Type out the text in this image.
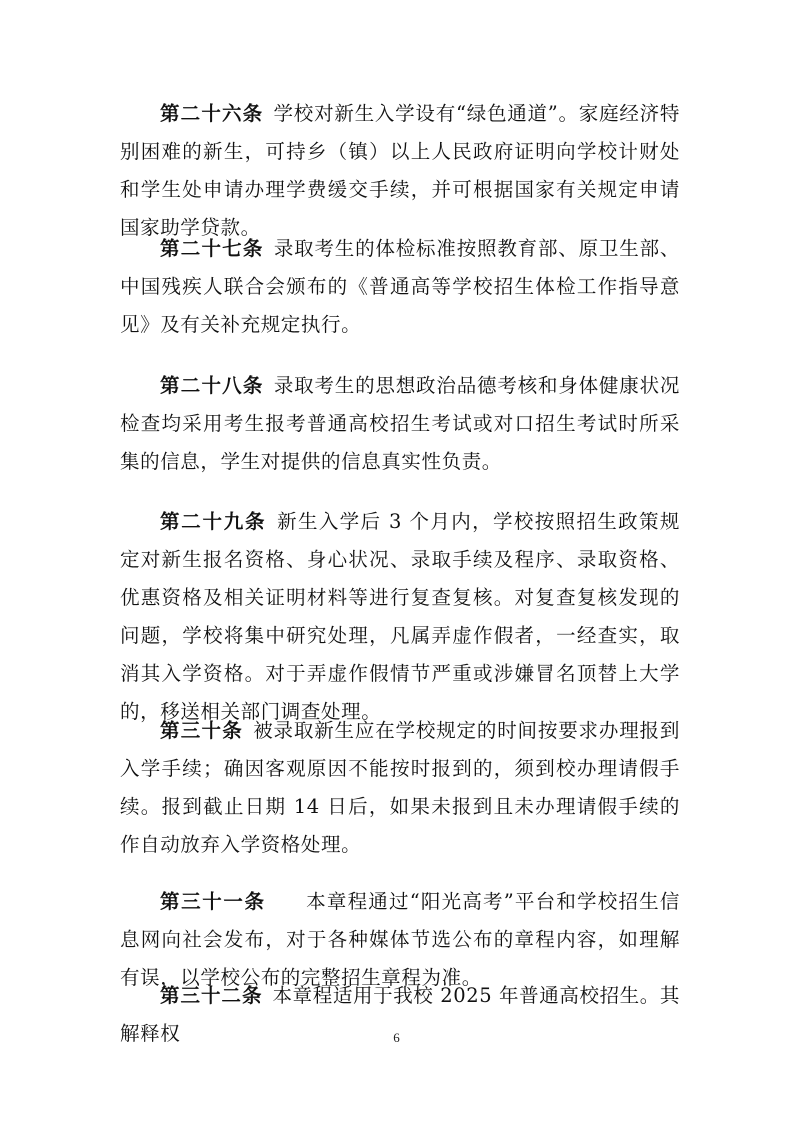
第二十六条 学校对新生入学设有“绿色通道”。家庭经济特别困难的新生，可持乡（镇）以上人民政府证明向学校计财处和学生处申请办理学费缓交手续，并可根据国家有关规定申请国家助学贷款。

第二十七条 录取考生的体检标准按照教育部、原卫生部、中国残疾人联合会颁布的《普通高等学校招生体检工作指导意见》及有关补充规定执行。

第二十八条 录取考生的思想政治品德考核和身体健康状况检查均采用考生报考普通高校招生考试或对口招生考试时所采集的信息，学生对提供的信息真实性负责。

第二十九条 新生入学后 3 个月内，学校按照招生政策规定对新生报名资格、身心状况、录取手续及程序、录取资格、优惠资格及相关证明材料等进行复查复核。对复查复核发现的问题，学校将集中研究处理，凡属弄虚作假者，一经查实，取消其入学资格。对于弄虚作假情节严重或涉嫌冒名顶替上大学的，移送相关部门调查处理。

第三十条 被录取新生应在学校规定的时间按要求办理报到入学手续；确因客观原因不能按时报到的，须到校办理请假手续。报到截止日期 14 日后，如果未报到且未办理请假手续的作自动放弃入学资格处理。

第三十一条 本章程通过“阳光高考”平台和学校招生信息网向社会发布，对于各种媒体节选公布的章程内容，如理解有误，以学校公布的完整招生章程为准。

第三十二条 本章程适用于我校 2025 年普通高校招生。其解释权	6
